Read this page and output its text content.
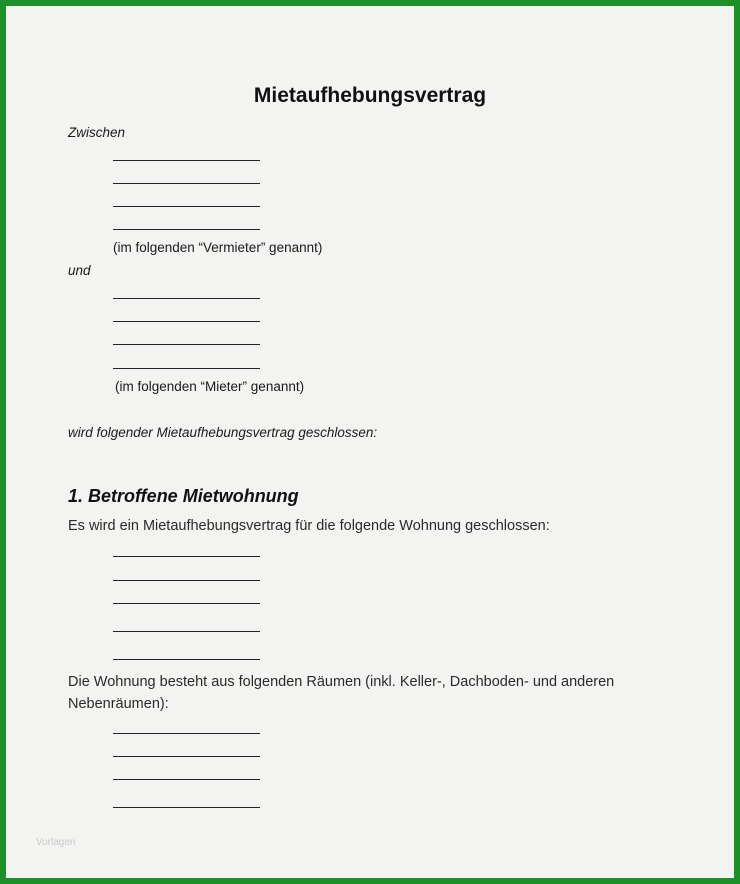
Mietaufhebungsvertrag
Zwischen
(im folgenden “Vermieter” genannt)
und
(im folgenden “Mieter” genannt)
wird folgender Mietaufhebungsvertrag geschlossen:
1. Betroffene Mietwohnung
Es wird ein Mietaufhebungsvertrag für die folgende Wohnung geschlossen:
Die Wohnung besteht aus folgenden Räumen (inkl. Keller-, Dachboden- und anderen
Nebenräumen):
Vorlagen
